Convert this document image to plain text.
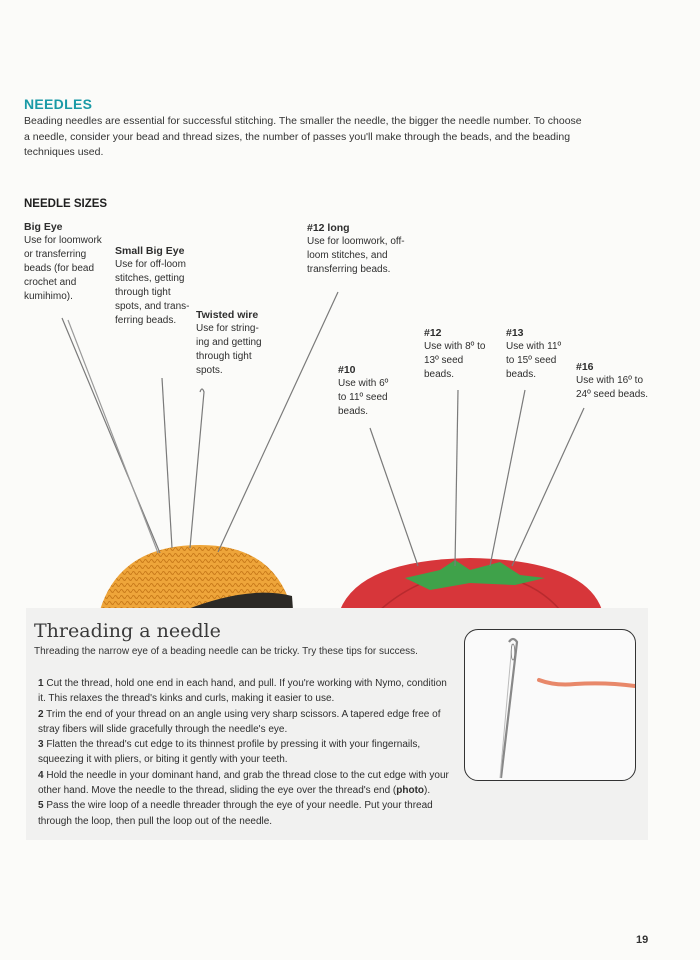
NEEDLES
Beading needles are essential for successful stitching. The smaller the needle, the bigger the needle number. To choose a needle, consider your bead and thread sizes, the number of passes you'll make through the beads, and the beading techniques used.
NEEDLE SIZES
Big Eye
Use for loomwork or transferring beads (for bead crochet and kumihimo).
Small Big Eye
Use for off-loom stitches, getting through tight spots, and trans-ferring beads.	Twisted wire
Use for string-ing and getting through tight spots.
#12 long
Use for loomwork, off-loom stitches, and transferring beads.
#10
Use with 6º to 11º seed beads.
#12
Use with 8º to 13º seed beads.
#13
Use with 11º to 15º seed beads.
#16
Use with 16º to 24º seed beads.
Threading a needle
Threading the narrow eye of a beading needle can be tricky. Try these tips for success.

1 Cut the thread, hold one end in each hand, and pull. If you're working with Nymo, condition it. This relaxes the thread's kinks and curls, making it easier to use.

2 Trim the end of your thread on an angle using very sharp scissors. A tapered edge free of stray fibers will slide gracefully through the needle's eye.

3 Flatten the thread's cut edge to its thinnest profile by pressing it with your fingernails, squeezing it with pliers, or biting it gently with your teeth.

4 Hold the needle in your dominant hand, and grab the thread close to the cut edge with your other hand. Move the needle to the thread, sliding the eye over the thread's end (photo).

5 Pass the wire loop of a needle threader through the eye of your needle. Put your thread through the loop, then pull the loop out of the needle.

19
